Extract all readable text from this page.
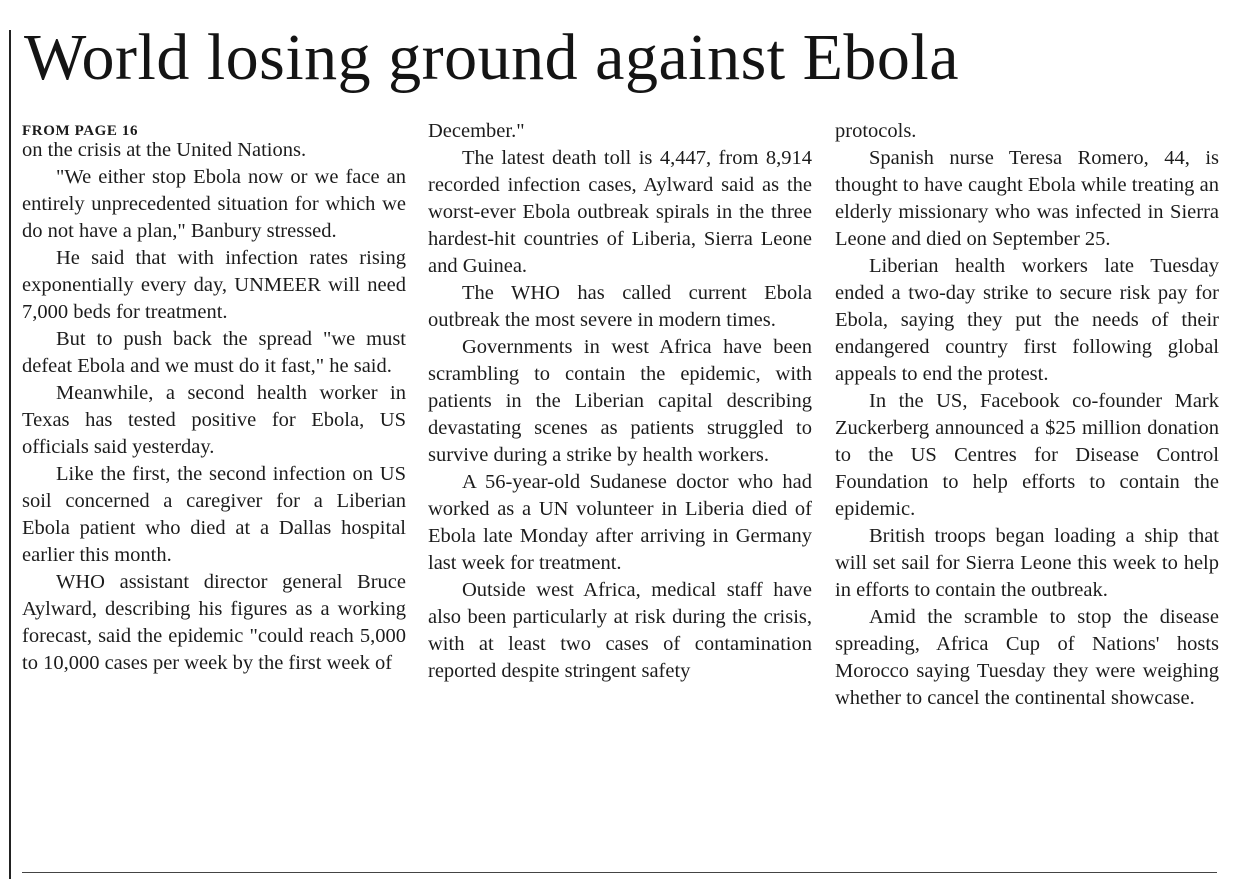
World losing ground against Ebola
FROM PAGE 16

on the crisis at the United Nations.

"We either stop Ebola now or we face an entirely unprecedented situation for which we do not have a plan," Banbury stressed.

He said that with infection rates rising exponentially every day, UNMEER will need 7,000 beds for treatment.

But to push back the spread "we must defeat Ebola and we must do it fast," he said.

Meanwhile, a second health worker in Texas has tested positive for Ebola, US officials said yesterday.

Like the first, the second infection on US soil concerned a caregiver for a Liberian Ebola patient who died at a Dallas hospital earlier this month.

WHO assistant director general Bruce Aylward, describing his figures as a working forecast, said the epidemic "could reach 5,000 to 10,000 cases per week by the first week of

December."

The latest death toll is 4,447, from 8,914 recorded infection cases, Aylward said as the worst-ever Ebola outbreak spirals in the three hardest-hit countries of Liberia, Sierra Leone and Guinea.

The WHO has called current Ebola outbreak the most severe in modern times.

Governments in west Africa have been scrambling to contain the epidemic, with patients in the Liberian capital describing devastating scenes as patients struggled to survive during a strike by health workers.

A 56-year-old Sudanese doctor who had worked as a UN volunteer in Liberia died of Ebola late Monday after arriving in Germany last week for treatment.

Outside west Africa, medical staff have also been particularly at risk during the crisis, with at least two cases of contamination reported despite stringent safety

protocols.

Spanish nurse Teresa Romero, 44, is thought to have caught Ebola while treating an elderly missionary who was infected in Sierra Leone and died on September 25.

Liberian health workers late Tuesday ended a two-day strike to secure risk pay for Ebola, saying they put the needs of their endangered country first following global appeals to end the protest.

In the US, Facebook co-founder Mark Zuckerberg announced a $25 million donation to the US Centres for Disease Control Foundation to help efforts to contain the epidemic.

British troops began loading a ship that will set sail for Sierra Leone this week to help in efforts to contain the outbreak.

Amid the scramble to stop the disease spreading, Africa Cup of Nations' hosts Morocco saying Tuesday they were weighing whether to cancel the continental showcase.
